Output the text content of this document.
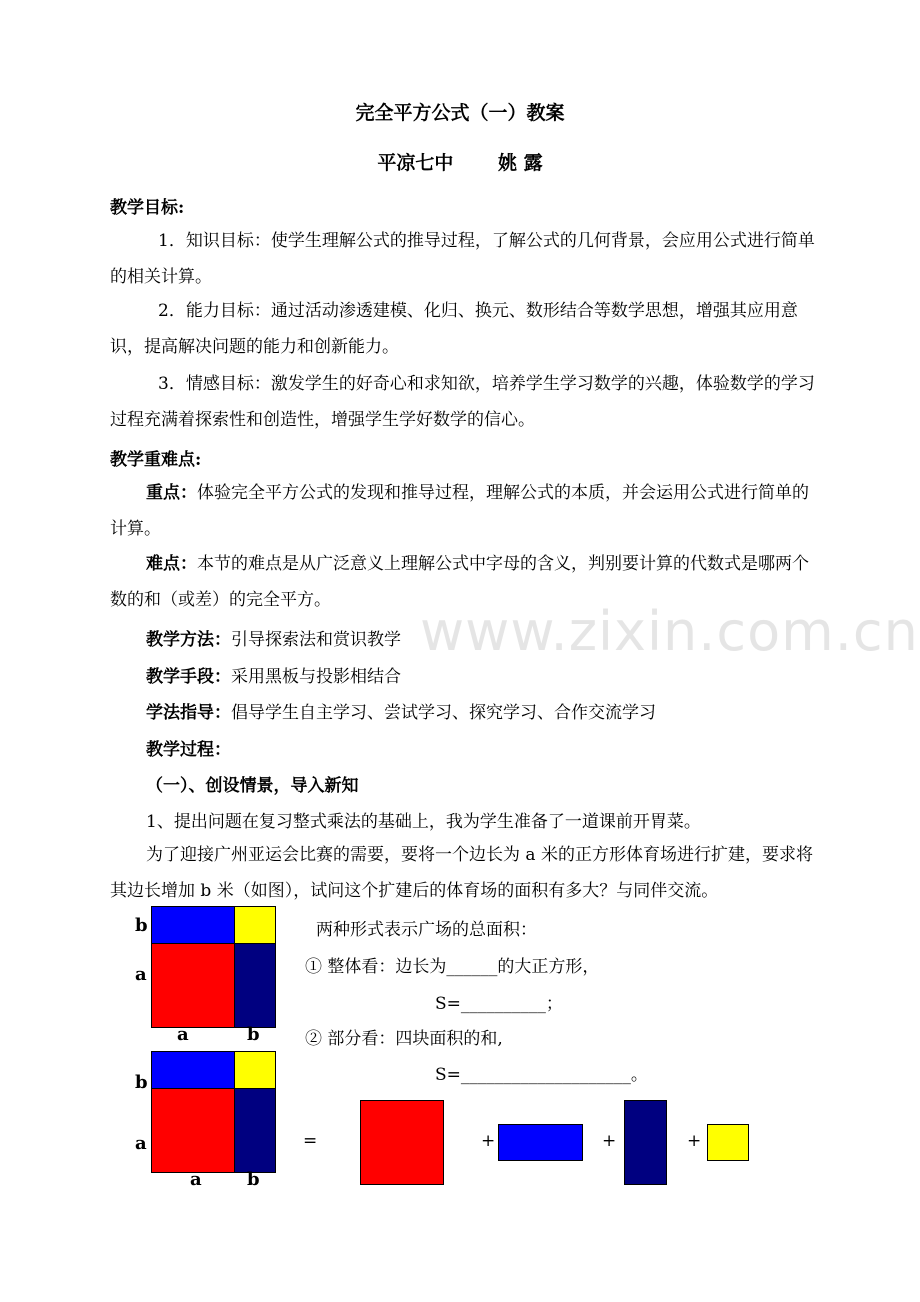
www.zixin.com.cn
完全平方公式（一）教案
平凉七中 　　姚 露
教学目标:
1．知识目标：使学生理解公式的推导过程，了解公式的几何背景，会应用公式进行简单的相关计算。
2．能力目标：通过活动渗透建模、化归、换元、数形结合等数学思想，增强其应用意识，提高解决问题的能力和创新能力。
3．情感目标：激发学生的好奇心和求知欲，培养学生学习数学的兴趣，体验数学的学习过程充满着探索性和创造性，增强学生学好数学的信心。
教学重难点:
重点：体验完全平方公式的发现和推导过程，理解公式的本质，并会运用公式进行简单的计算。
难点：本节的难点是从广泛意义上理解公式中字母的含义，判别要计算的代数式是哪两个数的和（或差）的完全平方。
教学方法：引导探索法和赏识教学
教学手段：采用黑板与投影相结合
学法指导：倡导学生自主学习、尝试学习、探究学习、合作交流学习
教学过程：
（一）、创设情景，导入新知
1、提出问题在复习整式乘法的基础上，我为学生准备了一道课前开胃菜。
为了迎接广州亚运会比赛的需要，要将一个边长为 a 米的正方形体育场进行扩建，要求将其边长增加 b 米（如图），试问这个扩建后的体育场的面积有多大？与同伴交流。
b
a
a	b
两种形式表示广场的总面积：
① 整体看：边长为______的大正方形，
S=__________；
② 部分看：四块面积的和,
S=____________________。
b
a
a	b
=	+	+	+
